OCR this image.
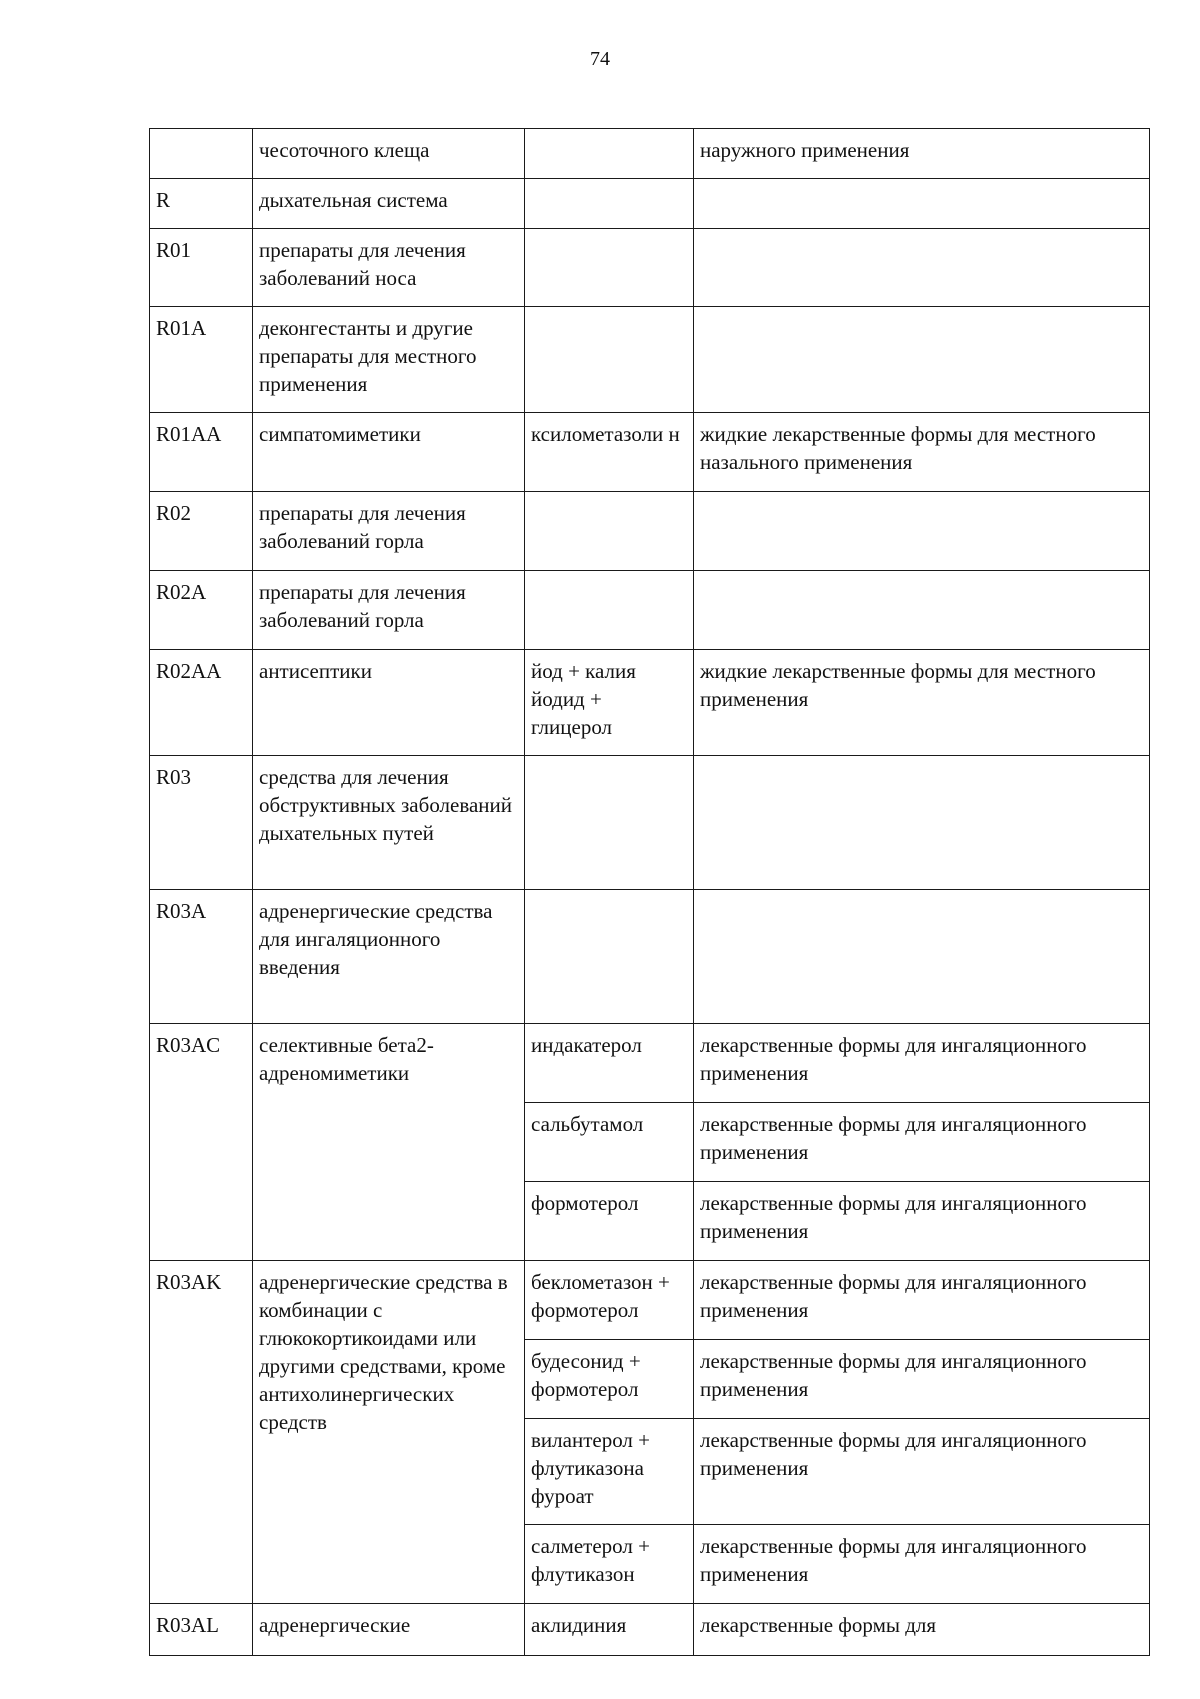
74
	чесоточного клеща		наружного применения
R	дыхательная система		
R01	препараты для лечения заболеваний носа		
R01A	деконгестанты и другие препараты для местного применения		
R01AA	симпатомиметики	ксилометазоли н	жидкие лекарственные формы для местного назального применения
R02	препараты для лечения заболеваний горла		
R02A	препараты для лечения заболеваний горла		
R02AA	антисептики	йод + калия йодид + глицерол	жидкие лекарственные формы для местного применения
R03	средства для лечения обструктивных заболеваний дыхательных путей		
R03A	адренергические средства для ингаляционного введения		
R03AC	селективные бета2-адреномиметики	индакатерол	лекарственные формы для ингаляционного применения
		сальбутамол	лекарственные формы для ингаляционного применения
		формотерол	лекарственные формы для ингаляционного применения
R03AK	адренергические средства в комбинации с глюкокортикоидами или другими средствами, кроме антихолинергических средств	беклометазон + формотерол	лекарственные формы для ингаляционного применения
		будесонид + формотерол	лекарственные формы для ингаляционного применения
		вилантерол + флутиказона фуроат	лекарственные формы для ингаляционного применения
		салметерол + флутиказон	лекарственные формы для ингаляционного применения
R03AL	адренергические	аклидиния	лекарственные формы для
